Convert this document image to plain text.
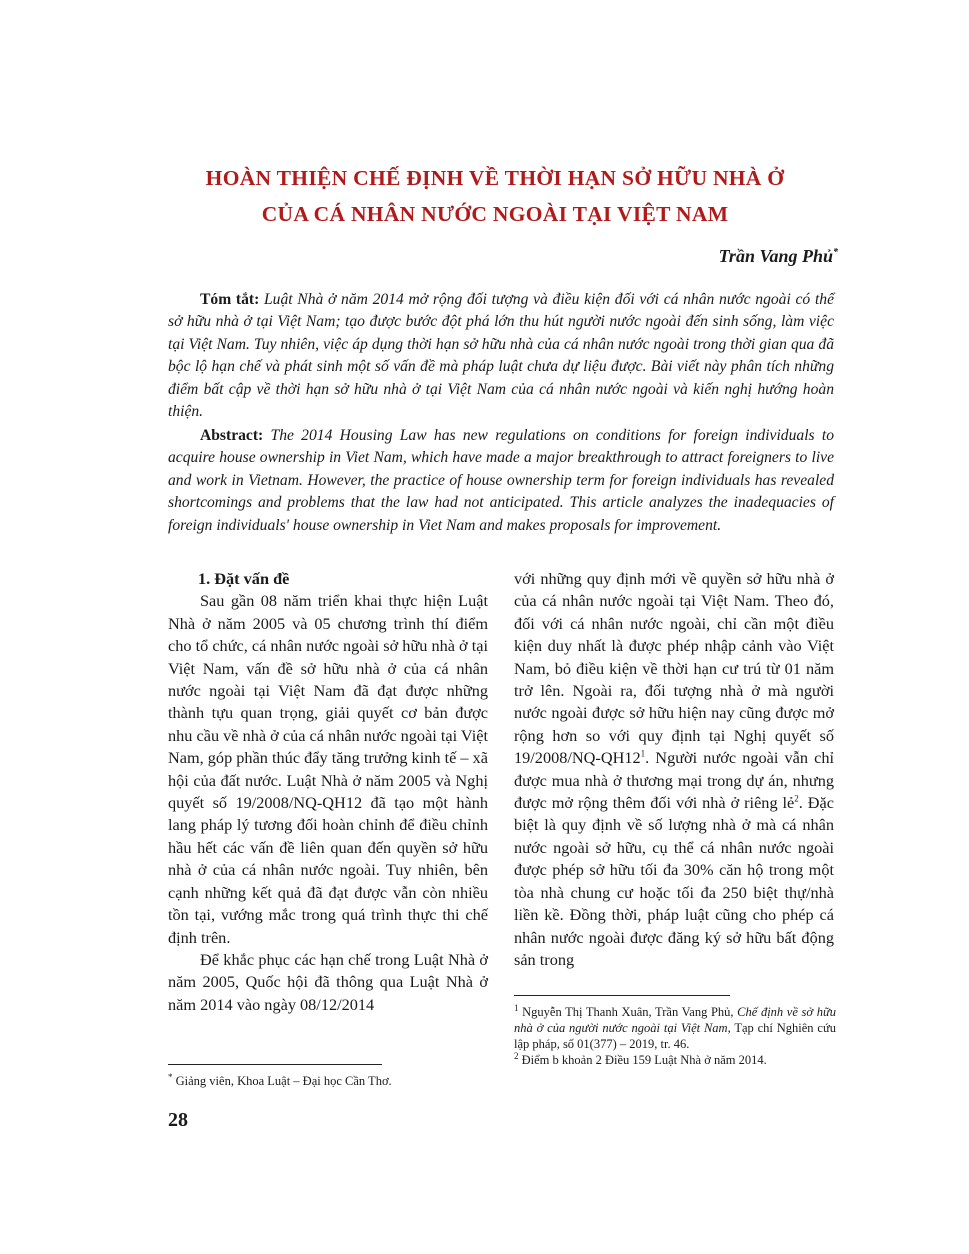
HOÀN THIỆN CHẾ ĐỊNH VỀ THỜI HẠN SỞ HỮU NHÀ Ở
CỦA CÁ NHÂN NƯỚC NGOÀI TẠI VIỆT NAM
Trần Vang Phủ*
Tóm tắt: Luật Nhà ở năm 2014 mở rộng đối tượng và điều kiện đối với cá nhân nước ngoài có thể sở hữu nhà ở tại Việt Nam; tạo được bước đột phá lớn thu hút người nước ngoài đến sinh sống, làm việc tại Việt Nam. Tuy nhiên, việc áp dụng thời hạn sở hữu nhà của cá nhân nước ngoài trong thời gian qua đã bộc lộ hạn chế và phát sinh một số vấn đề mà pháp luật chưa dự liệu được. Bài viết này phân tích những điểm bất cập về thời hạn sở hữu nhà ở tại Việt Nam của cá nhân nước ngoài và kiến nghị hướng hoàn thiện.
Abstract: The 2014 Housing Law has new regulations on conditions for foreign individuals to acquire house ownership in Viet Nam, which have made a major breakthrough to attract foreigners to live and work in Vietnam. However, the practice of house ownership term for foreign individuals has revealed shortcomings and problems that the law had not anticipated. This article analyzes the inadequacies of foreign individuals' house ownership in Viet Nam and makes proposals for improvement.
1. Đặt vấn đề

Sau gần 08 năm triển khai thực hiện Luật Nhà ở năm 2005 và 05 chương trình thí điểm cho tổ chức, cá nhân nước ngoài sở hữu nhà ở tại Việt Nam, vấn đề sở hữu nhà ở của cá nhân nước ngoài tại Việt Nam đã đạt được những thành tựu quan trọng, giải quyết cơ bản được nhu cầu về nhà ở của cá nhân nước ngoài tại Việt Nam, góp phần thúc đẩy tăng trưởng kinh tế – xã hội của đất nước. Luật Nhà ở năm 2005 và Nghị quyết số 19/2008/NQ-QH12 đã tạo một hành lang pháp lý tương đối hoàn chỉnh để điều chỉnh hầu hết các vấn đề liên quan đến quyền sở hữu nhà ở của cá nhân nước ngoài. Tuy nhiên, bên cạnh những kết quả đã đạt được vẫn còn nhiều tồn tại, vướng mắc trong quá trình thực thi chế định trên.

Để khắc phục các hạn chế trong Luật Nhà ở năm 2005, Quốc hội đã thông qua Luật Nhà ở năm 2014 vào ngày 08/12/2014

với những quy định mới về quyền sở hữu nhà ở của cá nhân nước ngoài tại Việt Nam. Theo đó, đối với cá nhân nước ngoài, chỉ cần một điều kiện duy nhất là được phép nhập cảnh vào Việt Nam, bỏ điều kiện về thời hạn cư trú từ 01 năm trở lên. Ngoài ra, đối tượng nhà ở mà người nước ngoài được sở hữu hiện nay cũng được mở rộng hơn so với quy định tại Nghị quyết số $19/2008/NQ-QH12^1$. Người nước ngoài vẫn chỉ được mua nhà ở thương mại trong dự án, nhưng được mở rộng thêm đối với nhà ở riêng lẻ$^2$. Đặc biệt là quy định về số lượng nhà ở mà cá nhân nước ngoài sở hữu, cụ thể cá nhân nước ngoài được phép sở hữu tối đa 30% căn hộ trong một tòa nhà chung cư hoặc tối đa 250 biệt thự/nhà liền kề. Đồng thời, pháp luật cũng cho phép cá nhân nước ngoài được đăng ký sở hữu bất động sản trong

* Giảng viên, Khoa Luật – Đại học Cần Thơ.

$^1$ Nguyễn Thị Thanh Xuân, Trần Vang Phủ, Chế định về sở hữu nhà ở của người nước ngoài tại Việt Nam, Tạp chí Nghiên cứu lập pháp, số 01(377) – 2019, tr. 46.

$^2$ Điểm b khoản 2 Điều 159 Luật Nhà ở năm 2014.

28
